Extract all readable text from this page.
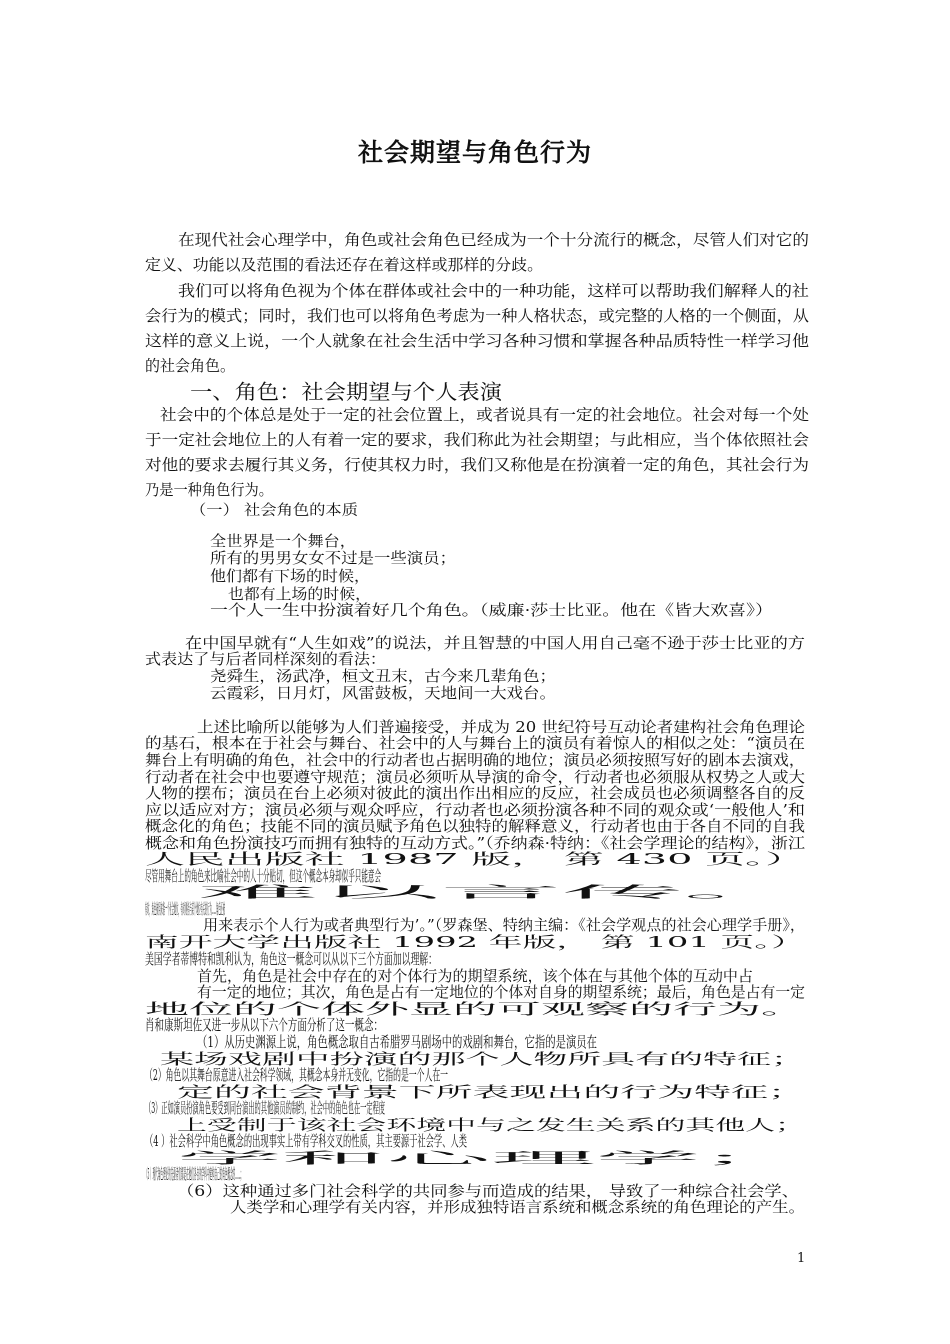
社会期望与角色行为
在现代社会心理学中，角色或社会角色已经成为一个十分流行的概念，尽管人们对它的
定义、功能以及范围的看法还存在着这样或那样的分歧。
我们可以将角色视为个体在群体或社会中的一种功能，这样可以帮助我们解释人的社
会行为的模式；同时，我们也可以将角色考虑为一种人格状态，或完整的人格的一个侧面，从
这样的意义上说，一个人就象在社会生活中学习各种习惯和掌握各种品质特性一样学习他
的社会角色。
一、角色：社会期望与个人表演
社会中的个体总是处于一定的社会位置上，或者说具有一定的社会地位。社会对每一个处
于一定社会地位上的人有着一定的要求，我们称此为社会期望；与此相应，当个体依照社会
对他的要求去履行其义务，行使其权力时，我们又称他是在扮演着一定的角色，其社会行为
乃是一种角色行为。
（一） 社会角色的本质
全世界是一个舞台，
所有的男男女女不过是一些演员；
他们都有下场的时候，
也都有上场的时候，
一个人一生中扮演着好几个角色。（威廉·莎士比亚。他在《皆大欢喜》）
在中国早就有“人生如戏”的说法，并且智慧的中国人用自己毫不逊于莎士比亚的方
式表达了与后者同样深刻的看法：
尧舜生，汤武净，桓文丑末，古今来几辈角色；
云霞彩，日月灯，风雷鼓板，天地间一大戏台。
上述比喻所以能够为人们普遍接受，并成为 20 世纪符号互动论者建构社会角色理论
的基石，根本在于社会与舞台、社会中的人与舞台上的演员有着惊人的相似之处：“演员在
舞台上有明确的角色，社会中的行动者也占据明确的地位；演员必须按照写好的剧本去演戏，
行动者在社会中也要遵守规范；演员必须听从导演的命令，行动者也必须服从权势之人或大
人物的摆布；演员在台上必须对彼此的演出作出相应的反应，社会成员也必须调整各自的反
应以适应对方；演员必须与观众呼应，行动者也必须扮演各种不同的观众或‘一般他人’和
概念化的角色；技能不同的演员赋予角色以独特的解释意义，行动者也由于各自不同的自我
概念和角色扮演技巧而拥有独特的互动方式。”（乔纳森·特纳：《社会学理论的结构》，浙江
人民出版社 1987 版， 第 430 页。）
尽管用舞台上的角色来比喻社会中的人十分贴切，但这个概念本身却似乎只能意会
难以言传。
有时，角色被用来指一个社会地位，有时则指与某个地位有关的行为……角色还被
用来表示个人行为或者典型行为’。”（罗森堡、特纳主编：《社会学观点的社会心理学手册》，
南开大学出版社 1992 年版， 第 101 页。）
美国学者蒂博特和凯利认为，角色这一概念可以从以下三个方面加以理解：
首先，角色是社会中存在的对个体行为的期望系统，该个体在与其他个体的互动中占
有一定的地位；其次，角色是占有一定地位的个体对自身的期望系统；最后，角色是占有一定
地位的个体外显的可观察的行为。
肖和康斯坦佐又进一步从以下六个方面分析了这一概念：
（1）从历史渊源上说，角色概念取自古希腊罗马剧场中的戏剧和舞台，它指的是演员在
某场戏剧中扮演的那个人物所具有的特征；
（2）角色以其舞台原意进入社会科学领域，其概念本身并无变化，它指的是一个人在一
定的社会背景下所表现出的行为特征；
（3）正如演员扮演角色要受到同台演出的其他演员的制约，社会中的角色也在一定程度
上受制于该社会环境中与之发生关系的其他人；
（4 ）社会科学中角色概念的出现事实上带有学科交叉的性质，其主要源于社会学、人类
学和心理学；
（5 ）现代角色理论的先驱者们都是在他们各自的学科中建构自己的角色概念的……；
（6）这种通过多门社会科学的共同参与而造成的结果， 导致了一种综合社会学、
人类学和心理学有关内容，并形成独特语言系统和概念系统的角色理论的产生。
1
